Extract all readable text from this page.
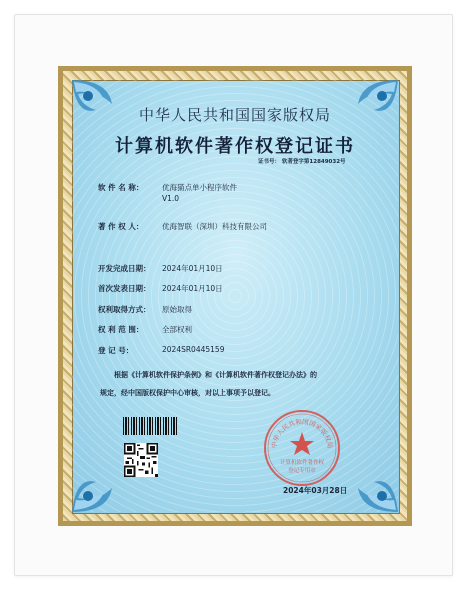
中华人民共和国国家版权局
计算机软件著作权登记证书
证书号： 软著登字第12849032号
软 件 名 称：	优海猫点单小程序软件
V1.0
著 作 权 人：	优海智联（深圳）科技有限公司
开发完成日期：	2024年01月10日
首次发表日期：	2024年01月10日
权利取得方式：	原始取得
权 利 范 围：	全部权利
登 记 号：	2024SR0445159
根据《计算机软件保护条例》和《计算机软件著作权登记办法》的
规定，经中国版权保护中心审核，对以上事项予以登记。
中华人民共和国国家版权局
计算机软件著作权
登记专用章
2024年03月28日
